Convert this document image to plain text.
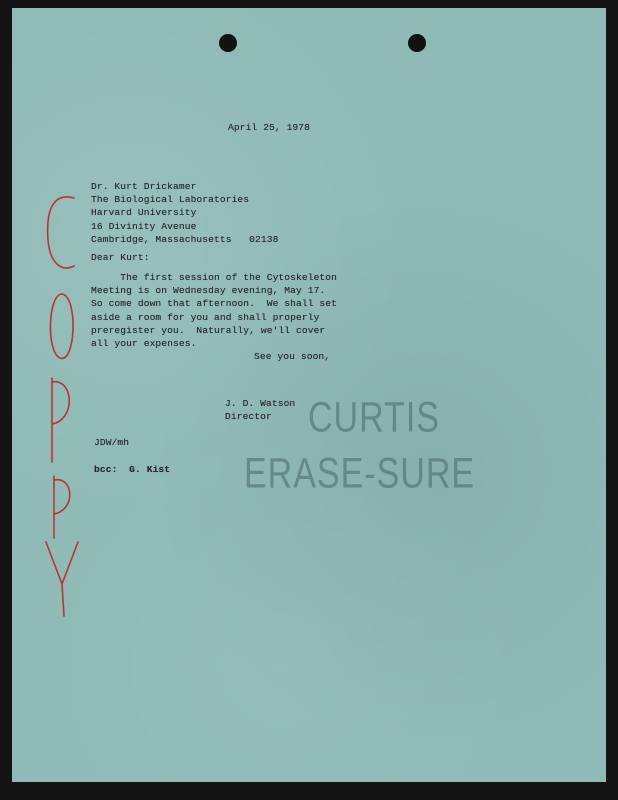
CURTIS
ERASE-SURE
April 25, 1978
Dr. Kurt Drickamer
The Biological Laboratories
Harvard University
16 Divinity Avenue
Cambridge, Massachusetts   02138
Dear Kurt:
The first session of the Cytoskeleton
Meeting is on Wednesday evening, May 17.
So come down that afternoon.  We shall set
aside a room for you and shall properly
preregister you.  Naturally, we'll cover
all your expenses.
See you soon,
J. D. Watson
Director
JDW/mh
bcc:  G. Kist
